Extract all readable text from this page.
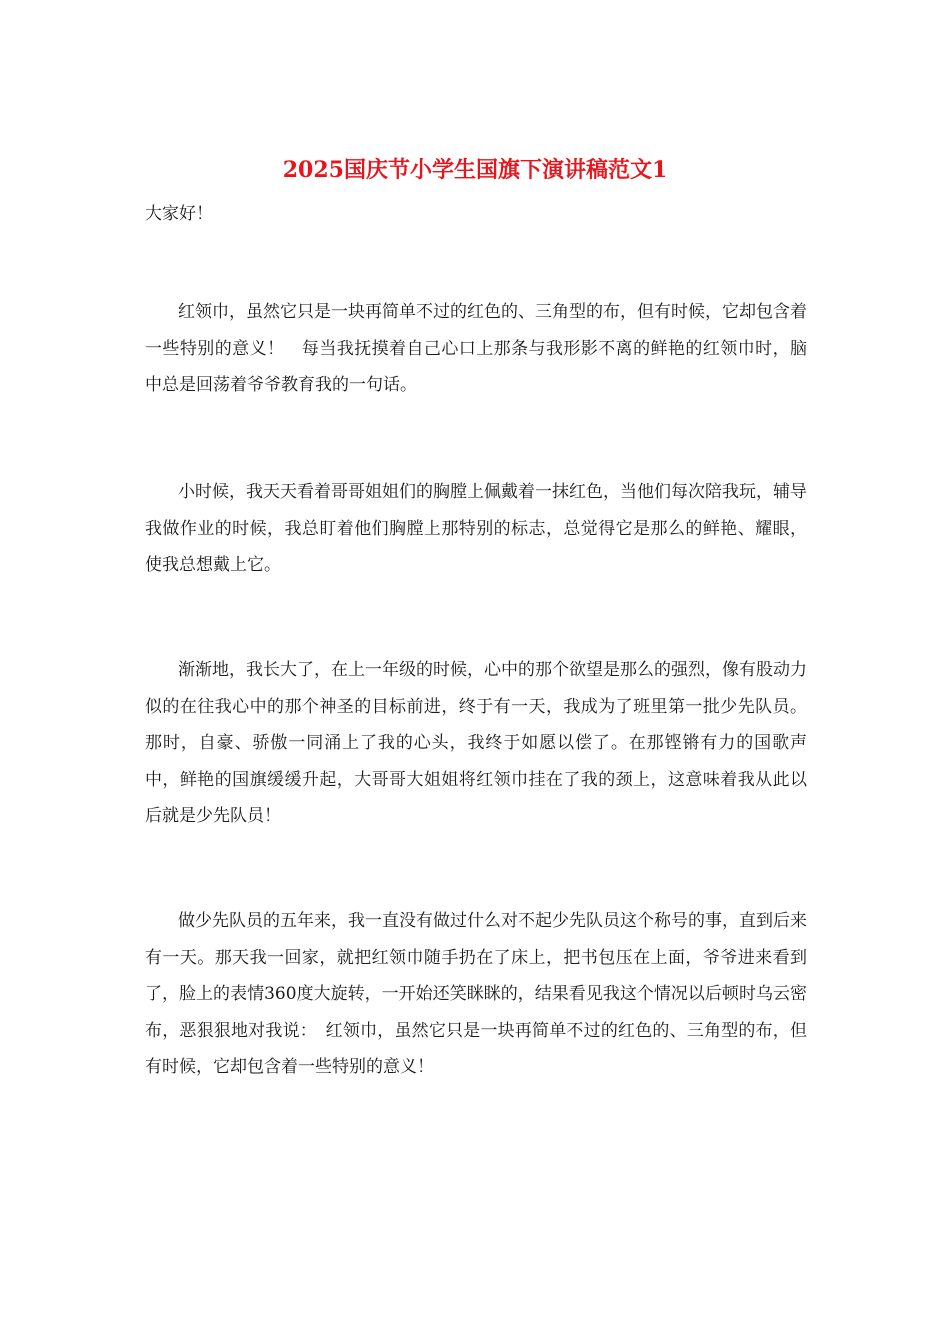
2025国庆节小学生国旗下演讲稿范文1

大家好！

红领巾，虽然它只是一块再简单不过的红色的、三角型的布，但有时候，它却包含着一些特别的意义！　每当我抚摸着自己心口上那条与我形影不离的鲜艳的红领巾时，脑中总是回荡着爷爷教育我的一句话。

小时候，我天天看着哥哥姐姐们的胸膛上佩戴着一抹红色，当他们每次陪我玩，辅导我做作业的时候，我总盯着他们胸膛上那特别的标志，总觉得它是那么的鲜艳、耀眼，使我总想戴上它。

渐渐地，我长大了，在上一年级的时候，心中的那个欲望是那么的强烈，像有股动力似的在往我心中的那个神圣的目标前进，终于有一天，我成为了班里第一批少先队员。那时，自豪、骄傲一同涌上了我的心头，我终于如愿以偿了。在那铿锵有力的国歌声中，鲜艳的国旗缓缓升起，大哥哥大姐姐将红领巾挂在了我的颈上，这意味着我从此以后就是少先队员！

做少先队员的五年来，我一直没有做过什么对不起少先队员这个称号的事，直到后来有一天。那天我一回家，就把红领巾随手扔在了床上，把书包压在上面，爷爷进来看到了，脸上的表情360度大旋转，一开始还笑眯眯的，结果看见我这个情况以后顿时乌云密布，恶狠狠地对我说：　红领巾，虽然它只是一块再简单不过的红色的、三角型的布，但有时候，它却包含着一些特别的意义！
